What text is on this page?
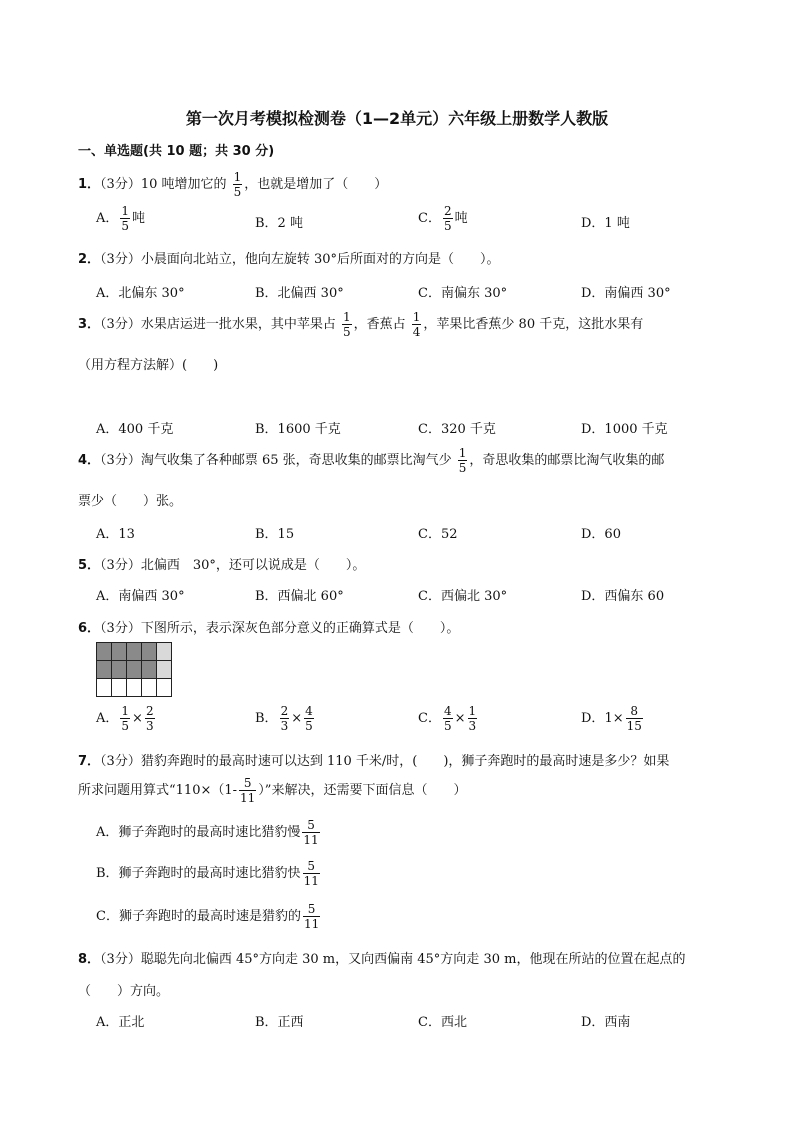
第一次月考模拟检测卷（1—2单元）六年级上册数学人教版
一、单选题(共 10 题；共 30 分)
1．（3分）10 吨增加它的 $\frac{1}{5}$ ，也就是增加了（　　）
A． $\frac{1}{5}$ 吨	B．2 吨	C． $\frac{2}{5}$ 吨	D．1 吨
2．（3分）小晨面向北站立，他向左旋转 30°后所面对的方向是（　　）。
A．北偏东 30°	B．北偏西 30°	C．南偏东 30°	D．南偏西 30°
3．（3分）水果店运进一批水果，其中苹果占 $\frac{1}{5}$ ，香蕉占 $\frac{1}{4}$ ，苹果比香蕉少 80 千克，这批水果有
（用方程方法解）(　　)
A．400 千克	B．1600 千克	C．320 千克	D．1000 千克
4．（3分）淘气收集了各种邮票 65 张，奇思收集的邮票比淘气少 $\frac{1}{5}$ ，奇思收集的邮票比淘气收集的邮
票少（　　）张。
A．13	B．15	C．52	D．60
5．（3分）北偏西　30°，还可以说成是（　　）。
A．南偏西 30°	B．西偏北 60°	C．西偏北 30°	D．西偏东 60
6．（3分）下图所示，表示深灰色部分意义的正确算式是（　　）。
A． $\frac{1}{5} \times \frac{2}{3}$	B． $\frac{2}{3} \times \frac{4}{5}$	C． $\frac{4}{5} \times \frac{1}{3}$	D．$1\times \frac{8}{15}$
7．（3分）猎豹奔跑时的最高时速可以达到 110 千米/时，(　　)，狮子奔跑时的最高时速是多少？如果
所求问题用算式“$110\times(1- \frac{5}{11}$ ）”来解决，还需要下面信息（　　）
A．狮子奔跑时的最高时速比猎豹慢 $\frac{5}{11}$
B．狮子奔跑时的最高时速比猎豹快 $\frac{5}{11}$
C．狮子奔跑时的最高时速是猎豹的 $\frac{5}{11}$
8．（3分）聪聪先向北偏西 45°方向走 30 m，又向西偏南 45°方向走 30 m，他现在所站的位置在起点的
（　　）方向。
A．正北	B．正西	C．西北	D．西南
